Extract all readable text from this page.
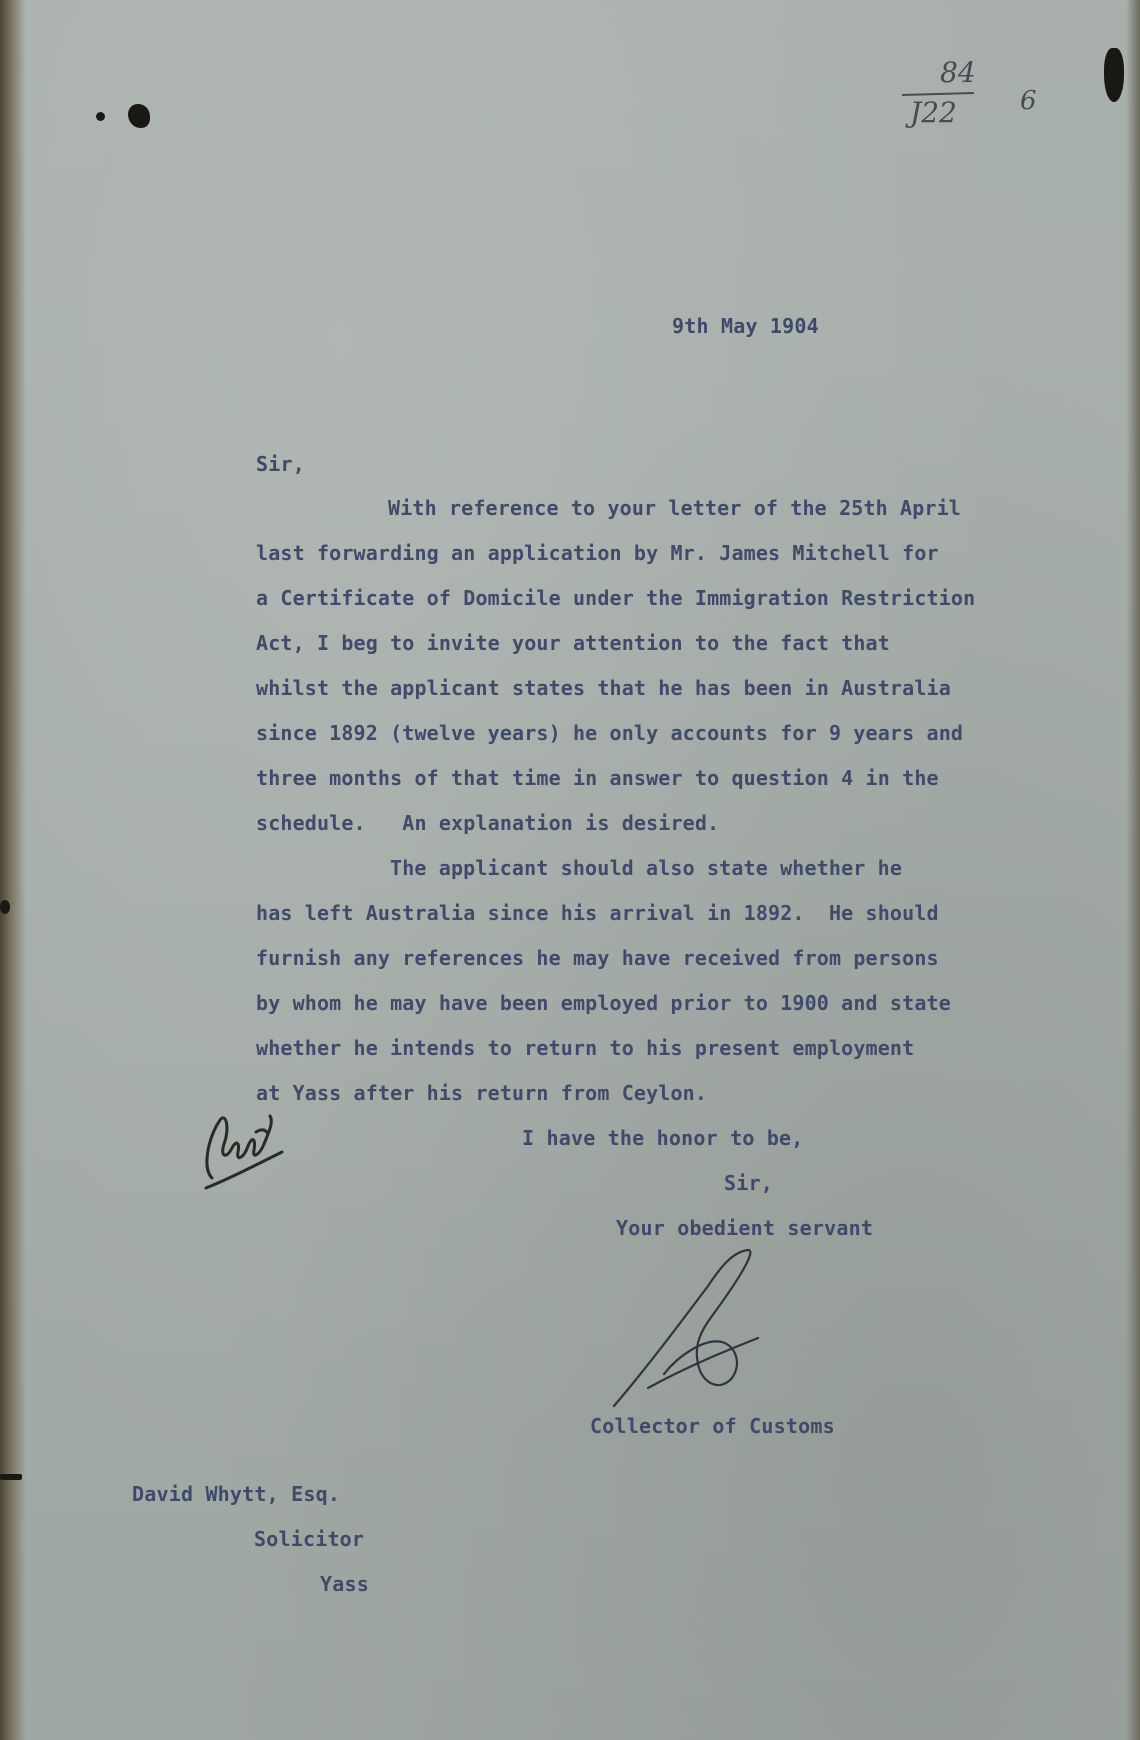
84
J22 6
9th May 1904
Sir,
With reference to your letter of the 25th April
last forwarding an application by Mr. James Mitchell for
a Certificate of Domicile under the Immigration Restriction
Act, I beg to invite your attention to the fact that
whilst the applicant states that he has been in Australia
since 1892 (twelve years) he only accounts for 9 years and
three months of that time in answer to question 4 in the
schedule.   An explanation is desired.
The applicant should also state whether he
has left Australia since his arrival in 1892.  He should
furnish any references he may have received from persons
by whom he may have been employed prior to 1900 and state
whether he intends to return to his present employment
at Yass after his return from Ceylon.
I have the honor to be,
Sir,
Your obedient servant
Collector of Customs
David Whytt, Esq.
Solicitor
Yass
